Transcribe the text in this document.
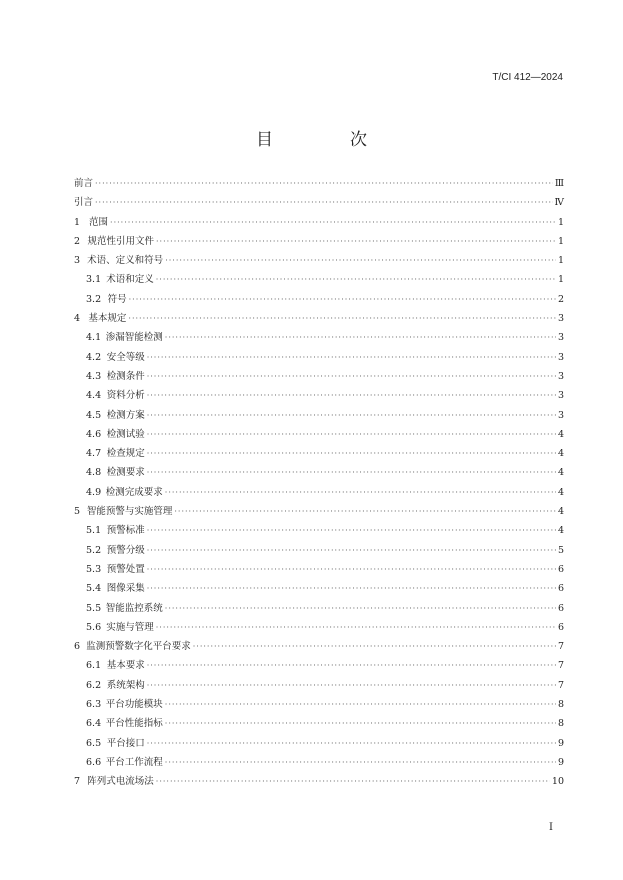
T/CI 412—2024
目　次
前言 ·····	Ⅲ
引言 ·····	Ⅳ
1 范围 ·····	1
2 规范性引用文件 ·····	1
3 术语、定义和符号 ·····	1
3.1 术语和定义 ·····	1
3.2 符号 ·····	2
4 基本规定 ·····	3
4.1 渗漏智能检测 ·····	3
4.2 安全等级 ·····	3
4.3 检测条件 ·····	3
4.4 资料分析 ·····	3
4.5 检测方案 ·····	3
4.6 检测试验 ·····	4
4.7 检查规定 ·····	4
4.8 检测要求 ·····	4
4.9 检测完成要求 ·····	4
5 智能预警与实施管理 ·····	4
5.1 预警标准 ·····	4
5.2 预警分级 ·····	5
5.3 预警处置 ·····	6
5.4 图像采集 ·····	6
5.5 智能监控系统 ·····	6
5.6 实施与管理 ·····	6
6 监测预警数字化平台要求 ·····	7
6.1 基本要求 ·····	7
6.2 系统架构 ·····	7
6.3 平台功能模块 ·····	8
6.4 平台性能指标 ·····	8
6.5 平台接口 ·····	9
6.6 平台工作流程 ·····	9
7 阵列式电流场法 ·····	10
I
